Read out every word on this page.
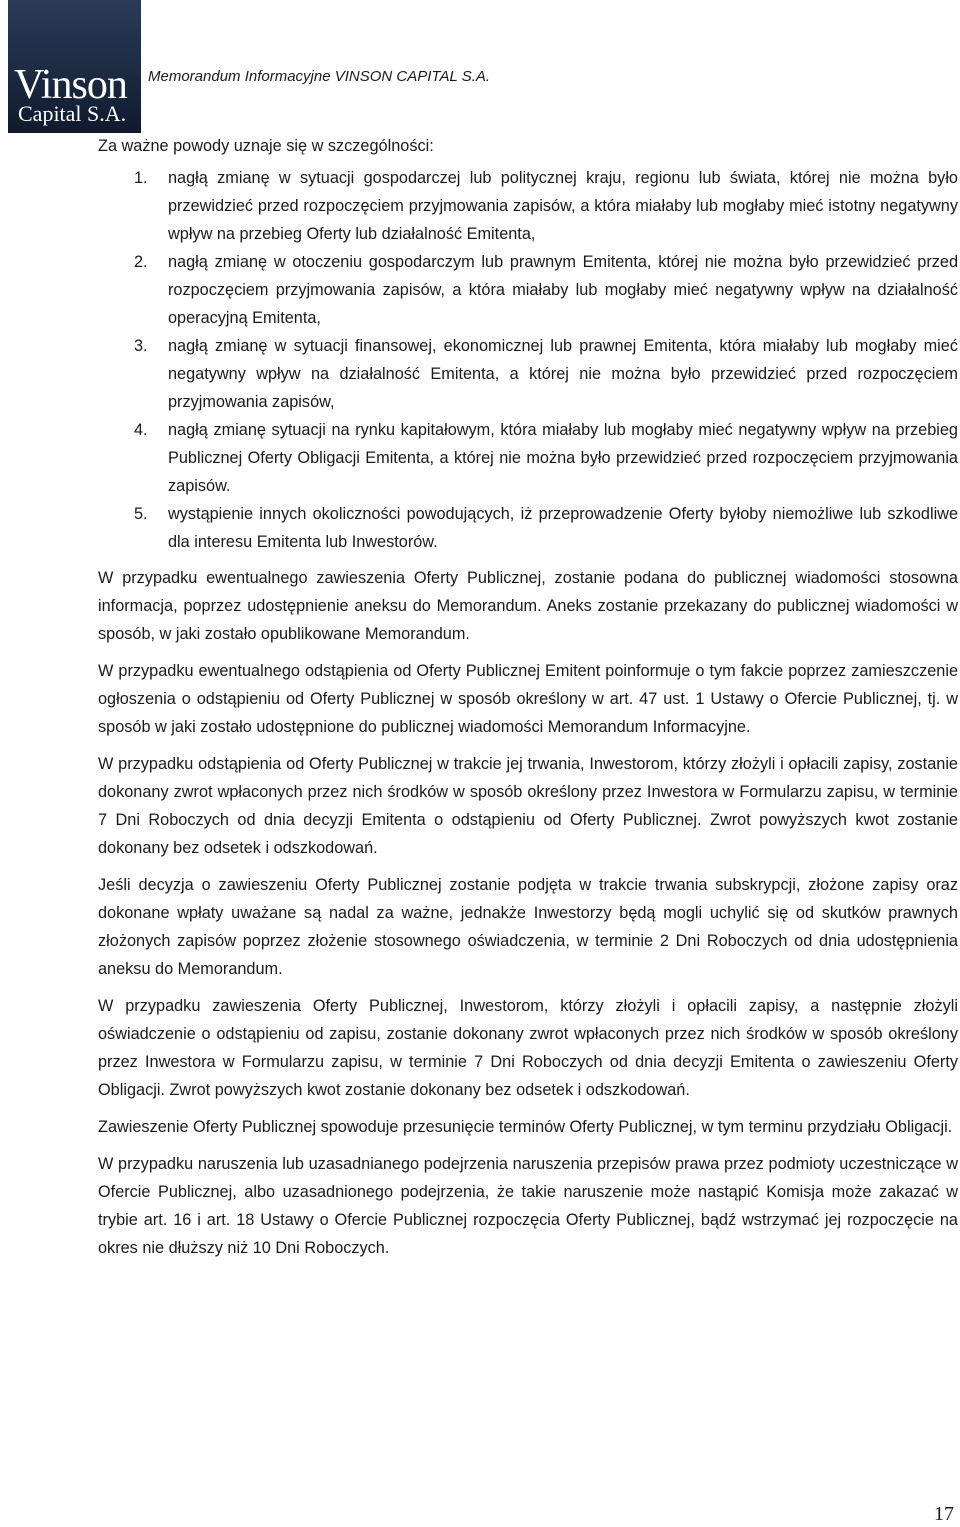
Vinson
Capital S.A.
Memorandum Informacyjne VINSON CAPITAL S.A.

Za ważne powody uznaje się w szczególności:

1. nagłą zmianę w sytuacji gospodarczej lub politycznej kraju, regionu lub świata, której nie można było przewidzieć przed rozpoczęciem przyjmowania zapisów, a która miałaby lub mogłaby mieć istotny negatywny wpływ na przebieg Oferty lub działalność Emitenta,
2. nagłą zmianę w otoczeniu gospodarczym lub prawnym Emitenta, której nie można było przewidzieć przed rozpoczęciem przyjmowania zapisów, a która miałaby lub mogłaby mieć negatywny wpływ na działalność operacyjną Emitenta,
3. nagłą zmianę w sytuacji finansowej, ekonomicznej lub prawnej Emitenta, która miałaby lub mogłaby mieć negatywny wpływ na działalność Emitenta, a której nie można było przewidzieć przed rozpoczęciem przyjmowania zapisów,
4. nagłą zmianę sytuacji na rynku kapitałowym, która miałaby lub mogłaby mieć negatywny wpływ na przebieg Publicznej Oferty Obligacji Emitenta, a której nie można było przewidzieć przed rozpoczęciem przyjmowania zapisów.
5. wystąpienie innych okoliczności powodujących, iż przeprowadzenie Oferty byłoby niemożliwe lub szkodliwe dla interesu Emitenta lub Inwestorów.

W przypadku ewentualnego zawieszenia Oferty Publicznej, zostanie podana do publicznej wiadomości stosowna informacja, poprzez udostępnienie aneksu do Memorandum. Aneks zostanie przekazany do publicznej wiadomości w sposób, w jaki zostało opublikowane Memorandum.

W przypadku ewentualnego odstąpienia od Oferty Publicznej Emitent poinformuje o tym fakcie poprzez zamieszczenie ogłoszenia o odstąpieniu od Oferty Publicznej w sposób określony w art. 47 ust. 1 Ustawy o Ofercie Publicznej, tj. w sposób w jaki zostało udostępnione do publicznej wiadomości Memorandum Informacyjne.

W przypadku odstąpienia od Oferty Publicznej w trakcie jej trwania, Inwestorom, którzy złożyli i opłacili zapisy, zostanie dokonany zwrot wpłaconych przez nich środków w sposób określony przez Inwestora w Formularzu zapisu, w terminie 7 Dni Roboczych od dnia decyzji Emitenta o odstąpieniu od Oferty Publicznej. Zwrot powyższych kwot zostanie dokonany bez odsetek i odszkodowań.

Jeśli decyzja o zawieszeniu Oferty Publicznej zostanie podjęta w trakcie trwania subskrypcji, złożone zapisy oraz dokonane wpłaty uważane są nadal za ważne, jednakże Inwestorzy będą mogli uchylić się od skutków prawnych złożonych zapisów poprzez złożenie stosownego oświadczenia, w terminie 2 Dni Roboczych od dnia udostępnienia aneksu do Memorandum.

W przypadku zawieszenia Oferty Publicznej, Inwestorom, którzy złożyli i opłacili zapisy, a następnie złożyli oświadczenie o odstąpieniu od zapisu, zostanie dokonany zwrot wpłaconych przez nich środków w sposób określony przez Inwestora w Formularzu zapisu, w terminie 7 Dni Roboczych od dnia decyzji Emitenta o zawieszeniu Oferty Obligacji. Zwrot powyższych kwot zostanie dokonany bez odsetek i odszkodowań.

Zawieszenie Oferty Publicznej spowoduje przesunięcie terminów Oferty Publicznej, w tym terminu przydziału Obligacji.

W przypadku naruszenia lub uzasadnianego podejrzenia naruszenia przepisów prawa przez podmioty uczestniczące w Ofercie Publicznej, albo uzasadnionego podejrzenia, że takie naruszenie może nastąpić Komisja może zakazać w trybie art. 16 i art. 18 Ustawy o Ofercie Publicznej rozpoczęcia Oferty Publicznej, bądź wstrzymać jej rozpoczęcie na okres nie dłuższy niż 10 Dni Roboczych.

17
